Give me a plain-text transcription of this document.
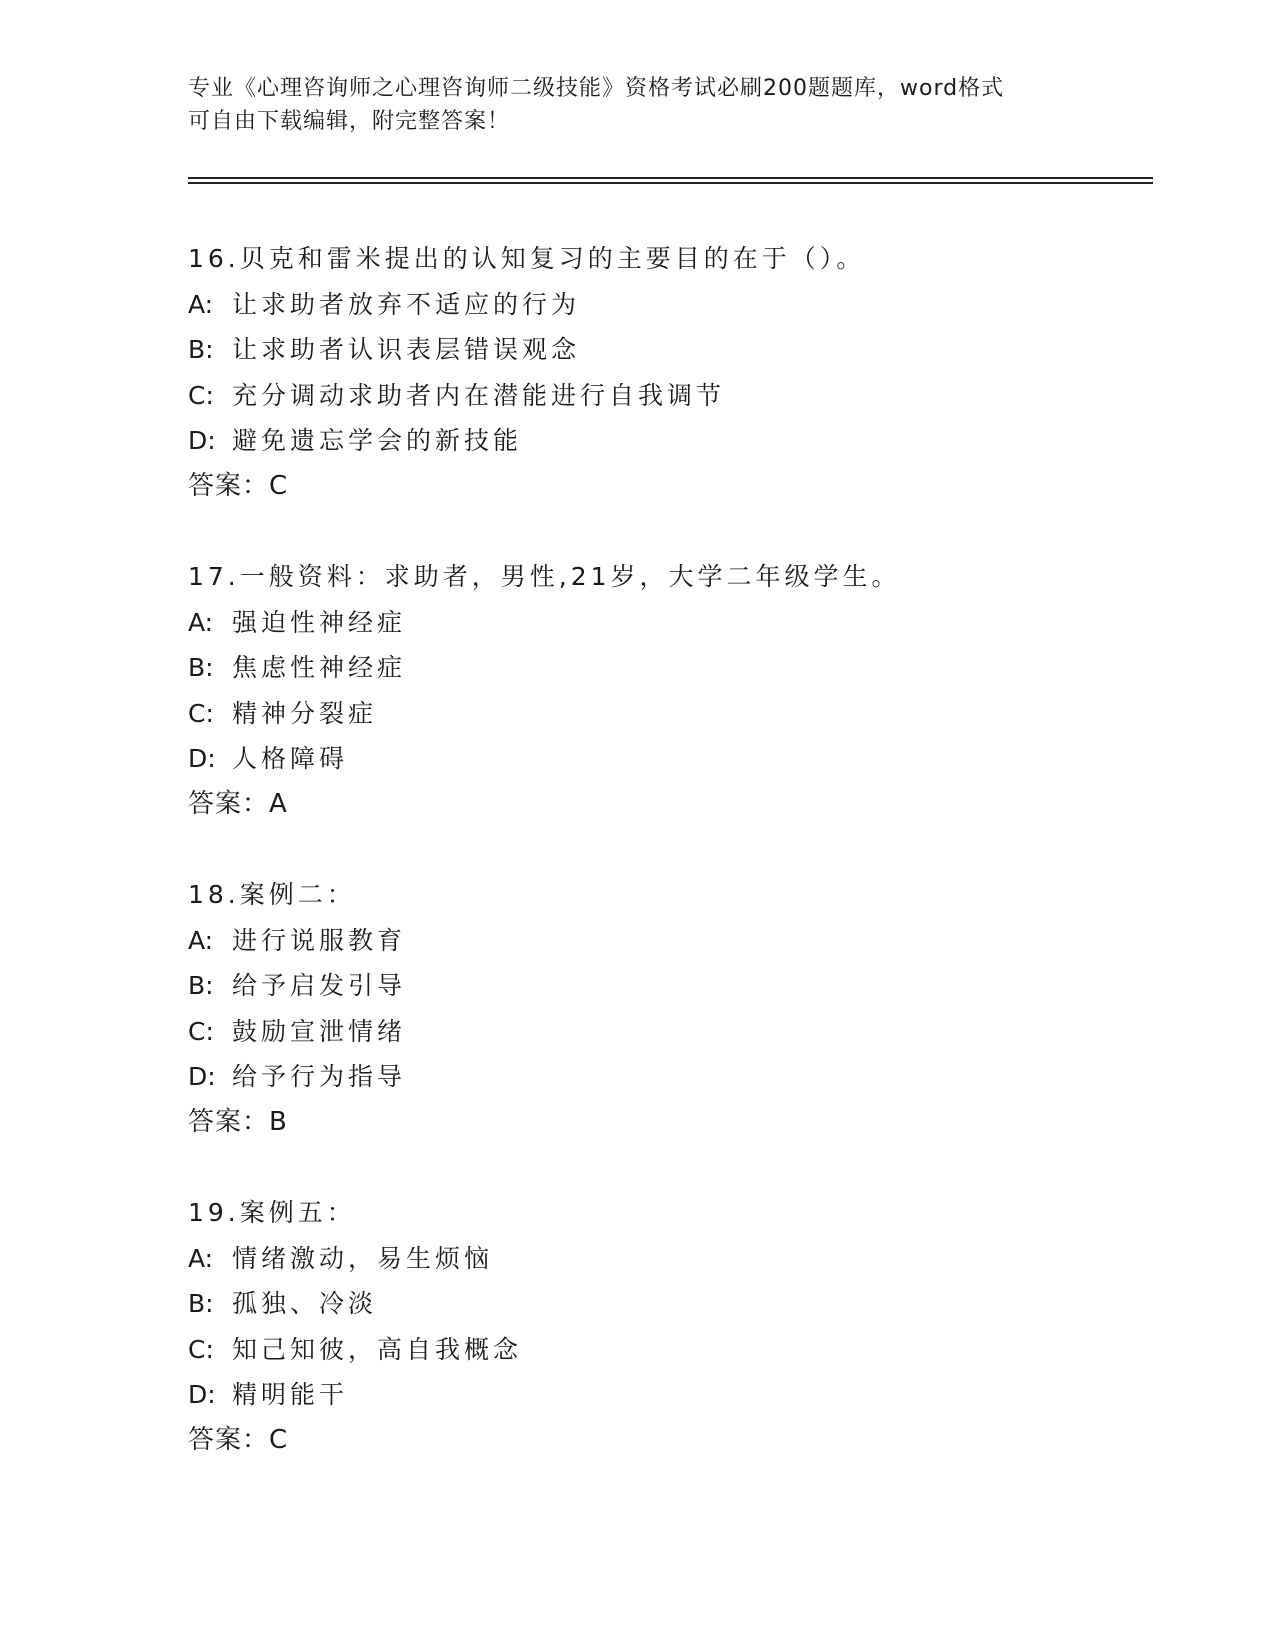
专业《心理咨询师之心理咨询师二级技能》资格考试必刷200题题库，word格式
可自由下载编辑，附完整答案！
16.贝克和雷米提出的认知复习的主要目的在于（）。
A: 让求助者放弃不适应的行为
B: 让求助者认识表层错误观念
C: 充分调动求助者内在潜能进行自我调节
D: 避免遗忘学会的新技能
答案：C
17.一般资料：求助者，男性,21岁，大学二年级学生。
A: 强迫性神经症
B: 焦虑性神经症
C: 精神分裂症
D: 人格障碍
答案：A
18.案例二：
A: 进行说服教育
B: 给予启发引导
C: 鼓励宣泄情绪
D: 给予行为指导
答案：B
19.案例五：
A: 情绪激动，易生烦恼
B: 孤独、冷淡
C: 知己知彼，高自我概念
D: 精明能干
答案：C
